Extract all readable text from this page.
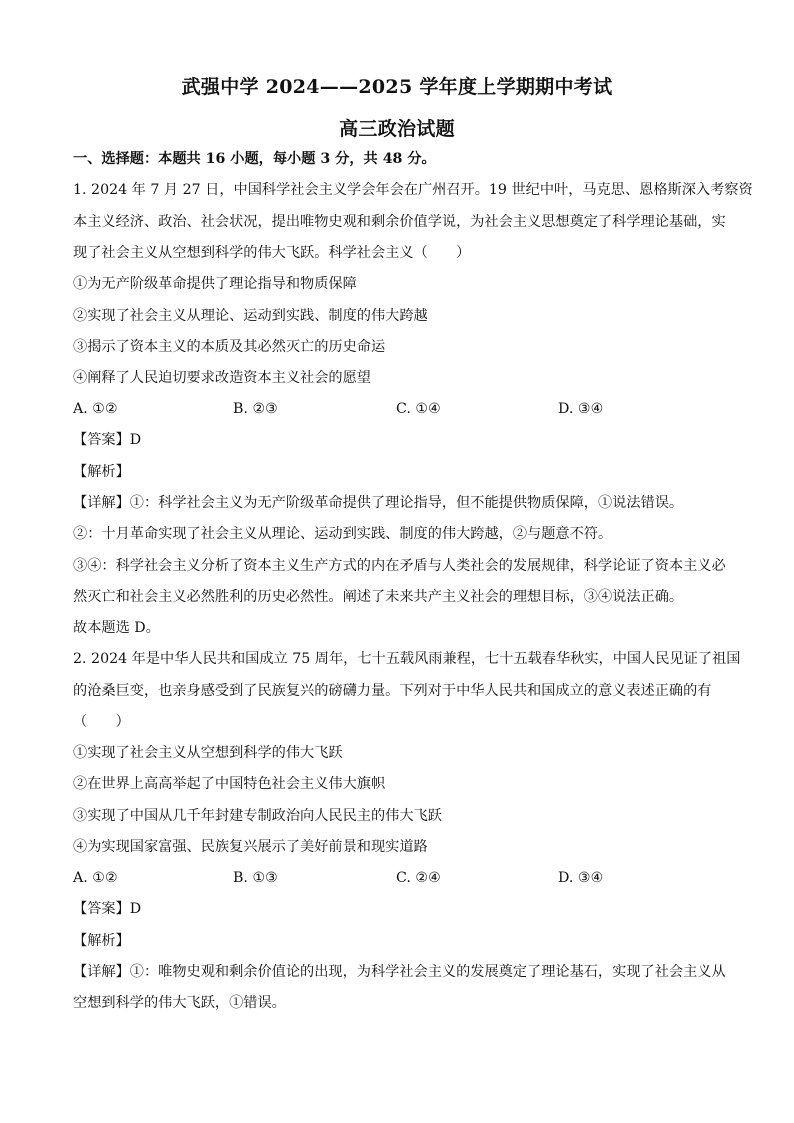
武强中学 2024——2025 学年度上学期期中考试
高三政治试题
一、选择题：本题共 16 小题，每小题 3 分，共 48 分。
1. 2024 年 7 月 27 日，中国科学社会主义学会年会在广州召开。19 世纪中叶，马克思、恩格斯深入考察资
本主义经济、政治、社会状况，提出唯物史观和剩余价值学说，为社会主义思想奠定了科学理论基础，实
现了社会主义从空想到科学的伟大飞跃。科学社会主义（　　）
①为无产阶级革命提供了理论指导和物质保障
②实现了社会主义从理论、运动到实践、制度的伟大跨越
③揭示了资本主义的本质及其必然灭亡的历史命运
④阐释了人民迫切要求改造资本主义社会的愿望
A. ①②	B. ②③	C. ①④	D. ③④
【答案】D
【解析】
【详解】①：科学社会主义为无产阶级革命提供了理论指导，但不能提供物质保障，①说法错误。
②：十月革命实现了社会主义从理论、运动到实践、制度的伟大跨越，②与题意不符。
③④：科学社会主义分析了资本主义生产方式的内在矛盾与人类社会的发展规律，科学论证了资本主义必
然灭亡和社会主义必然胜利的历史必然性。阐述了未来共产主义社会的理想目标，③④说法正确。
故本题选 D。
2. 2024 年是中华人民共和国成立 75 周年，七十五载风雨兼程，七十五载春华秋实，中国人民见证了祖国
的沧桑巨变，也亲身感受到了民族复兴的磅礴力量。下列对于中华人民共和国成立的意义表述正确的有
（　　）
①实现了社会主义从空想到科学的伟大飞跃
②在世界上高高举起了中国特色社会主义伟大旗帜
③实现了中国从几千年封建专制政治向人民民主的伟大飞跃
④为实现国家富强、民族复兴展示了美好前景和现实道路
A. ①②	B. ①③	C. ②④	D. ③④
【答案】D
【解析】
【详解】①：唯物史观和剩余价值论的出现，为科学社会主义的发展奠定了理论基石，实现了社会主义从
空想到科学的伟大飞跃，①错误。
